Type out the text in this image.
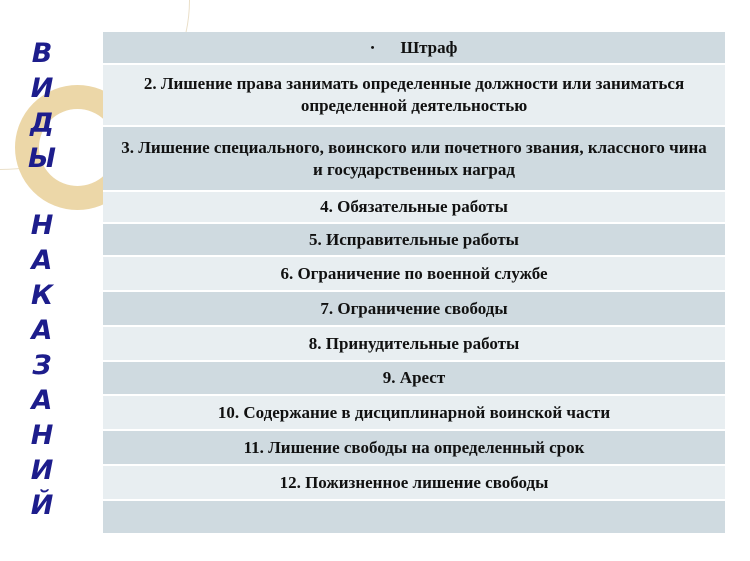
В
И
Д
Ы
Н
А
К
А
З
А
Н
И
Й
• Штраф
2. Лишение права занимать определенные должности или заниматься определенной деятельностью
3. Лишение специального, воинского или почетного звания, классного чина и государственных наград
4. Обязательные работы
5. Исправительные работы
6. Ограничение по военной службе
7. Ограничение свободы
8. Принудительные работы
9. Арест
10. Содержание в дисциплинарной воинской части
11. Лишение свободы на определенный срок
12. Пожизненное лишение свободы
